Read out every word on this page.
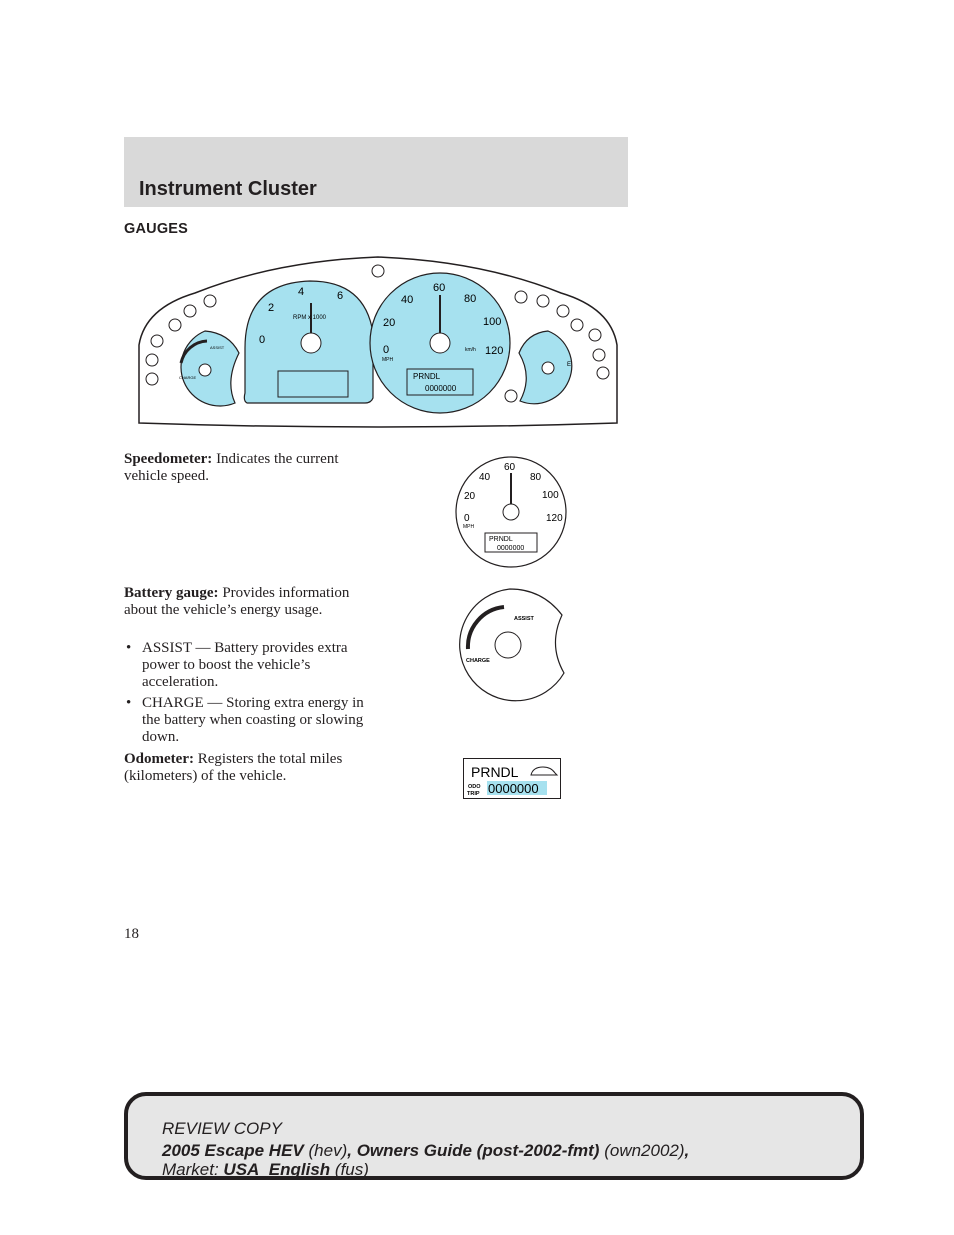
Instrument Cluster
GAUGES
ASSIST
CHARGE
0
2
4	6
RPM x 1000
0
20
40
60
80
100
120
MPH
km/h
PRNDL
0000000
E
Speedometer: Indicates the current vehicle speed.
0
20
40
60
80
100
120
MPH
PRNDL
0000000
Battery gauge: Provides information about the vehicle’s energy usage.
• ASSIST — Battery provides extra power to boost the vehicle’s acceleration.
• CHARGE — Storing extra energy in the battery when coasting or slowing down.
ASSIST
CHARGE
Odometer: Registers the total miles (kilometers) of the vehicle.	PRNDL
ODO
TRIP 0000000
18
REVIEW COPY
2005 Escape HEV (hev), Owners Guide (post-2002-fmt) (own2002),
Market: USA_English (fus)
